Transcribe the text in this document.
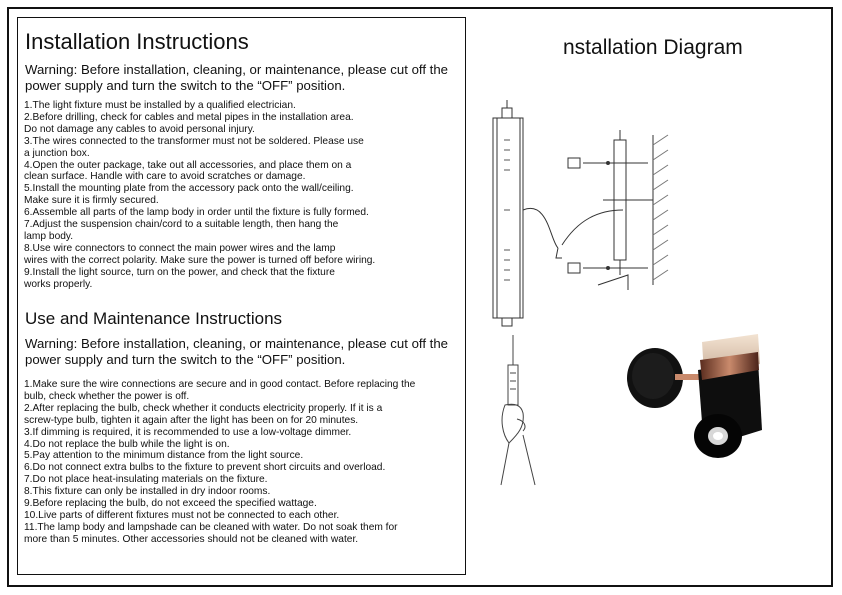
Installation Instructions
Warning: Before installation, cleaning, or maintenance, please cut off the power supply and turn the switch to the “OFF” position.
1.The light fixture must be installed by a qualified electrician.
2.Before drilling, check for cables and metal pipes in the installation area.
Do not damage any cables to avoid personal injury.
3.The wires connected to the transformer must not be soldered. Please use
a junction box.
4.Open the outer package, take out all accessories, and place them on a
clean surface. Handle with care to avoid scratches or damage.
5.Install the mounting plate from the accessory pack onto the wall/ceiling.
Make sure it is firmly secured.
6.Assemble all parts of the lamp body in order until the fixture is fully formed.
7.Adjust the suspension chain/cord to a suitable length, then hang the
lamp body.
8.Use wire connectors to connect the main power wires and the lamp
wires with the correct polarity. Make sure the power is turned off before wiring.
9.Install the light source, turn on the power, and check that the fixture
works properly.
Use and Maintenance Instructions
Warning: Before installation, cleaning, or maintenance, please cut off the power supply and turn the switch to the “OFF” position.
1.Make sure the wire connections are secure and in good contact. Before replacing the
bulb, check whether the power is off.
2.After replacing the bulb, check whether it conducts electricity properly. If it is a
screw-type bulb, tighten it again after the light has been on for 20 minutes.
3.If dimming is required, it is recommended to use a low-voltage dimmer.
4.Do not replace the bulb while the light is on.
5.Pay attention to the minimum distance from the light source.
6.Do not connect extra bulbs to the fixture to prevent short circuits and overload.
7.Do not place heat-insulating materials on the fixture.
8.This fixture can only be installed in dry indoor rooms.
9.Before replacing the bulb, do not exceed the specified wattage.
10.Live parts of different fixtures must not be connected to each other.
11.The lamp body and lampshade can be cleaned with water. Do not soak them for
more than 5 minutes. Other accessories should not be cleaned with water.
nstallation Diagram
